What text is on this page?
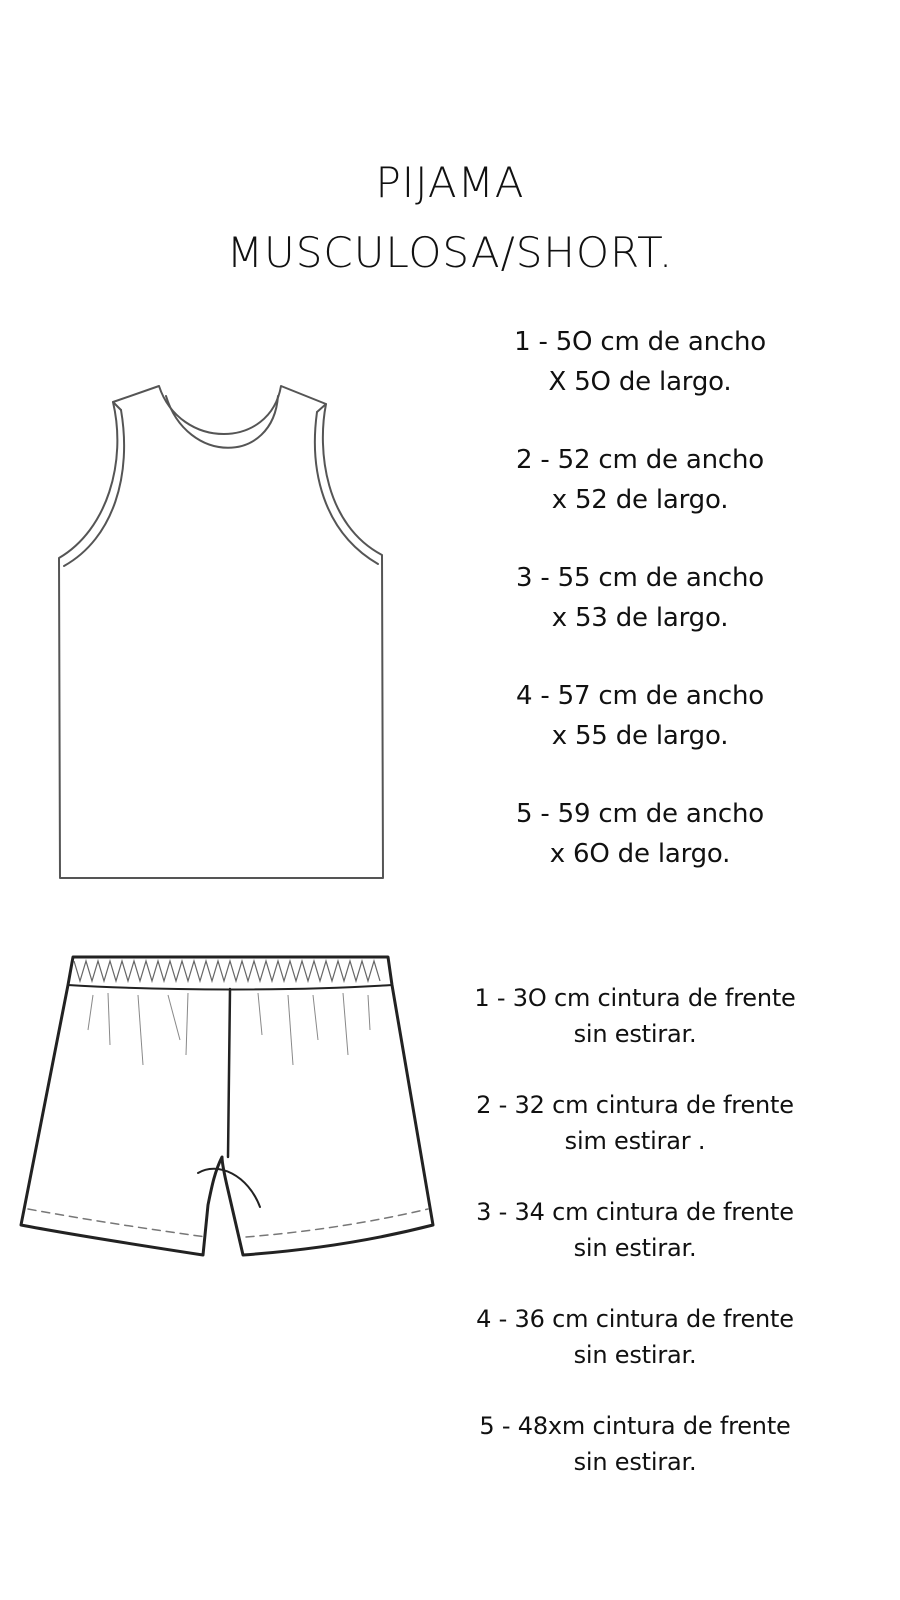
PIJAMA
MUSCULOSA/SHORT.
1 - 5O cm de ancho
X 5O de largo.
2 - 52 cm de ancho
x 52 de largo.
3 - 55 cm de ancho
x 53 de largo.
4 - 57 cm de ancho
x 55 de largo.
5 - 59 cm de ancho
x 6O de largo.
1 - 3O cm cintura de frente
sin estirar.
2 - 32 cm cintura de frente
sim estirar .
3 - 34 cm cintura de frente
sin estirar.
4 - 36 cm cintura de frente
sin estirar.
5 - 48xm cintura de frente
sin estirar.
